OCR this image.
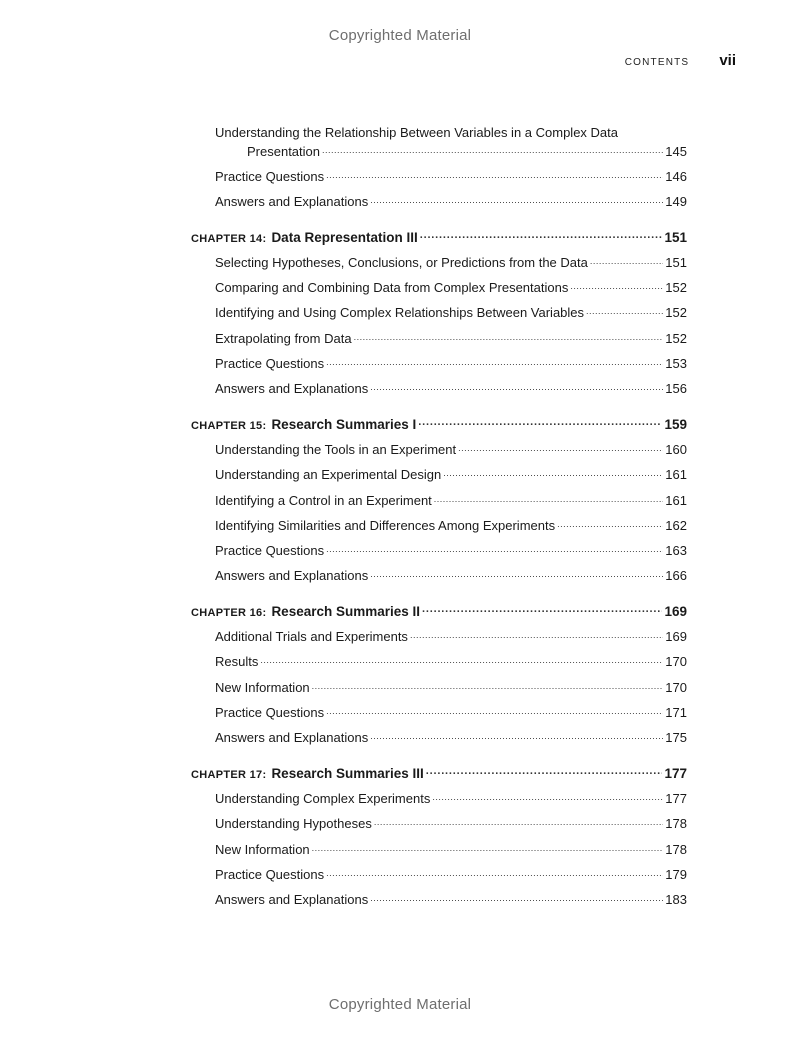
Copyrighted Material
CONTENTS vii
Understanding the Relationship Between Variables in a Complex Data
Presentation .....	145
Practice Questions .....	146
Answers and Explanations .....	149
CHAPTER 14: Data Representation III .....	151
Selecting Hypotheses, Conclusions, or Predictions from the Data .....	151
Comparing and Combining Data from Complex Presentations .....	152
Identifying and Using Complex Relationships Between Variables .....	152
Extrapolating from Data .....	152
Practice Questions .....	153
Answers and Explanations .....	156
CHAPTER 15: Research Summaries I .....	159
Understanding the Tools in an Experiment .....	160
Understanding an Experimental Design .....	161
Identifying a Control in an Experiment .....	161
Identifying Similarities and Differences Among Experiments .....	162
Practice Questions .....	163
Answers and Explanations .....	166
CHAPTER 16: Research Summaries II .....	169
Additional Trials and Experiments .....	169
Results .....	170
New Information .....	170
Practice Questions .....	171
Answers and Explanations .....	175
CHAPTER 17: Research Summaries III .....	177
Understanding Complex Experiments .....	177
Understanding Hypotheses .....	178
New Information .....	178
Practice Questions .....	179
Answers and Explanations .....	183
Copyrighted Material
